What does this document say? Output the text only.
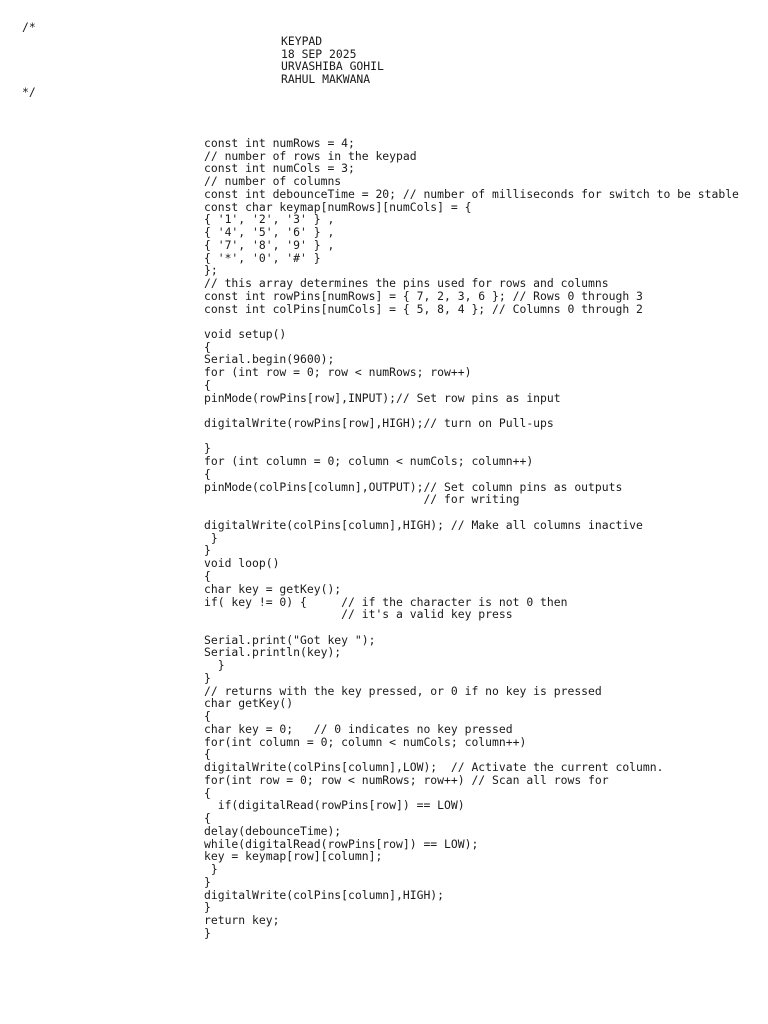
/*

KEYPAD

18 SEP 2025

URVASHIBA GOHIL

RAHUL MAKWANA

*/

const int numRows = 4;

// number of rows in the keypad

const int numCols = 3;

// number of columns

const int debounceTime = 20; // number of milliseconds for switch to be stable

const char keymap[numRows][numCols] = {

{ '1', '2', '3' } ,

{ '4', '5', '6' } ,

{ '7', '8', '9' } ,

{ '*', '0', '#' }

};

// this array determines the pins used for rows and columns

const int rowPins[numRows] = { 7, 2, 3, 6 }; // Rows 0 through 3

const int colPins[numCols] = { 5, 8, 4 }; // Columns 0 through 2

void setup()

{

Serial.begin(9600);

for (int row = 0; row < numRows; row++)

{

pinMode(rowPins[row],INPUT);// Set row pins as input

digitalWrite(rowPins[row],HIGH);// turn on Pull-ups

}

for (int column = 0; column < numCols; column++)

{

pinMode(colPins[column],OUTPUT);// Set column pins as outputs

// for writing

digitalWrite(colPins[column],HIGH); // Make all columns inactive

}

}

void loop()

{

char key = getKey();

if( key != 0) {     // if the character is not 0 then

// it's a valid key press

Serial.print("Got key ");

Serial.println(key);

}

}

// returns with the key pressed, or 0 if no key is pressed

char getKey()

{

char key = 0;   // 0 indicates no key pressed

for(int column = 0; column < numCols; column++)

{

digitalWrite(colPins[column],LOW);  // Activate the current column.

for(int row = 0; row < numRows; row++) // Scan all rows for

{

if(digitalRead(rowPins[row]) == LOW)

{

delay(debounceTime);

while(digitalRead(rowPins[row]) == LOW);

key = keymap[row][column];

}

}

digitalWrite(colPins[column],HIGH);

}

return key;

}
